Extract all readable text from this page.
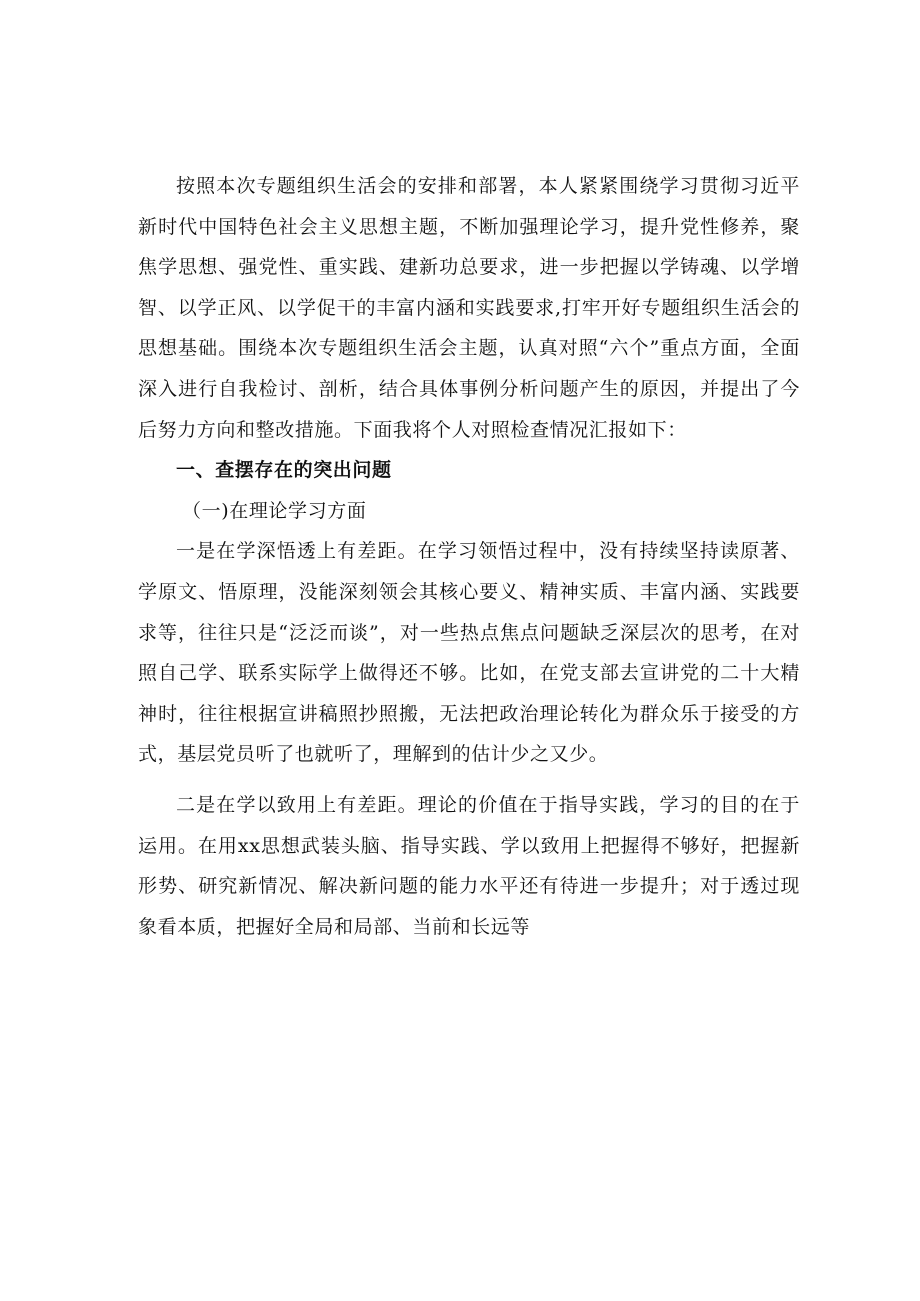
按照本次专题组织生活会的安排和部署，本人紧紧围绕学习贯彻习近平新时代中国特色社会主义思想主题，不断加强理论学习，提升党性修养，聚焦学思想、强党性、重实践、建新功总要求，进一步把握以学铸魂、以学增智、以学正风、以学促干的丰富内涵和实践要求,打牢开好专题组织生活会的思想基础。围绕本次专题组织生活会主题，认真对照“六个”重点方面，全面深入进行自我检讨、剖析，结合具体事例分析问题产生的原因，并提出了今后努力方向和整改措施。下面我将个人对照检查情况汇报如下：

一、查摆存在的突出问题

（一)在理论学习方面

一是在学深悟透上有差距。在学习领悟过程中，没有持续坚持读原著、学原文、悟原理，没能深刻领会其核心要义、精神实质、丰富内涵、实践要求等，往往只是“泛泛而谈”，对一些热点焦点问题缺乏深层次的思考，在对照自己学、联系实际学上做得还不够。比如，在党支部去宣讲党的二十大精神时，往往根据宣讲稿照抄照搬，无法把政治理论转化为群众乐于接受的方式，基层党员听了也就听了，理解到的估计少之又少。

二是在学以致用上有差距。理论的价值在于指导实践，学习的目的在于运用。在用xx思想武装头脑、指导实践、学以致用上把握得不够好，把握新形势、研究新情况、解决新问题的能力水平还有待进一步提升；对于透过现象看本质，把握好全局和局部、当前和长远等
